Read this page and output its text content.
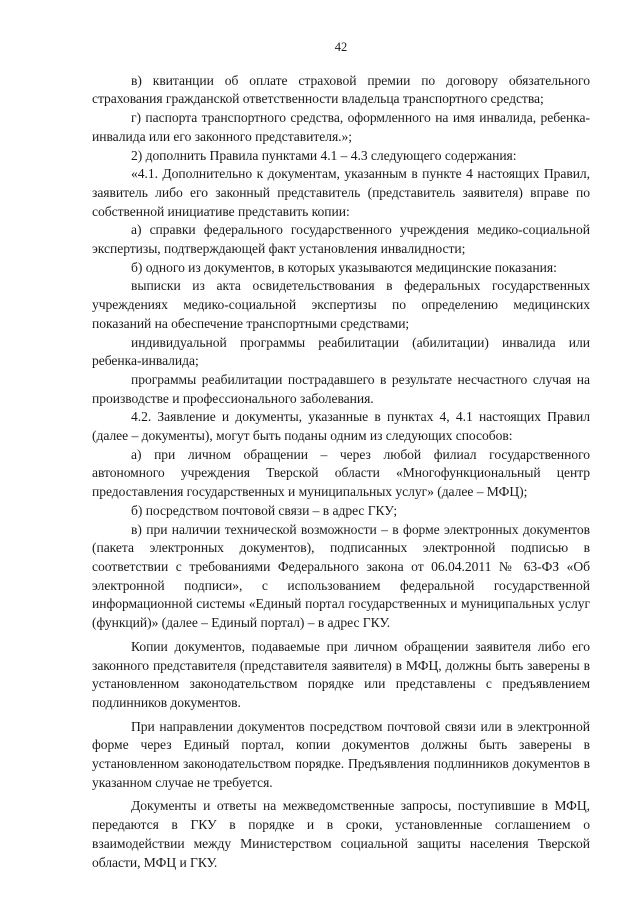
42

в) квитанции об оплате страховой премии по договору обязательного страхования гражданской ответственности владельца транспортного средства;

г) паспорта транспортного средства, оформленного на имя инвалида, ребенка-инвалида или его законного представителя.»;

2) дополнить Правила пунктами 4.1 – 4.3 следующего содержания:

«4.1. Дополнительно к документам, указанным в пункте 4 настоящих Правил, заявитель либо его законный представитель (представитель заявителя) вправе по собственной инициативе представить копии:

а) справки федерального государственного учреждения медико-социальной экспертизы, подтверждающей факт установления инвалидности;

б) одного из документов, в которых указываются медицинские показания:

выписки из акта освидетельствования в федеральных государственных учреждениях медико-социальной экспертизы по определению медицинских показаний на обеспечение транспортными средствами;

индивидуальной программы реабилитации (абилитации) инвалида или ребенка-инвалида;

программы реабилитации пострадавшего в результате несчастного случая на производстве и профессионального заболевания.

4.2. Заявление и документы, указанные в пунктах 4, 4.1 настоящих Правил (далее – документы), могут быть поданы одним из следующих способов:

а) при личном обращении – через любой филиал государственного автономного учреждения Тверской области «Многофункциональный центр предоставления государственных и муниципальных услуг» (далее – МФЦ);

б) посредством почтовой связи – в адрес ГКУ;

в) при наличии технической возможности – в форме электронных документов (пакета электронных документов), подписанных электронной подписью в соответствии с требованиями Федерального закона от 06.04.2011 № 63-ФЗ «Об электронной подписи», с использованием федеральной государственной информационной системы «Единый портал государственных и муниципальных услуг (функций)» (далее – Единый портал) – в адрес ГКУ.

Копии документов, подаваемые при личном обращении заявителя либо его законного представителя (представителя заявителя) в МФЦ, должны быть заверены в установленном законодательством порядке или представлены с предъявлением подлинников документов.

При направлении документов посредством почтовой связи или в электронной форме через Единый портал, копии документов должны быть заверены в установленном законодательством порядке. Предъявления подлинников документов в указанном случае не требуется.

Документы и ответы на межведомственные запросы, поступившие в МФЦ, передаются в ГКУ в порядке и в сроки, установленные соглашением о взаимодействии между Министерством социальной защиты населения Тверской области, МФЦ и ГКУ.
